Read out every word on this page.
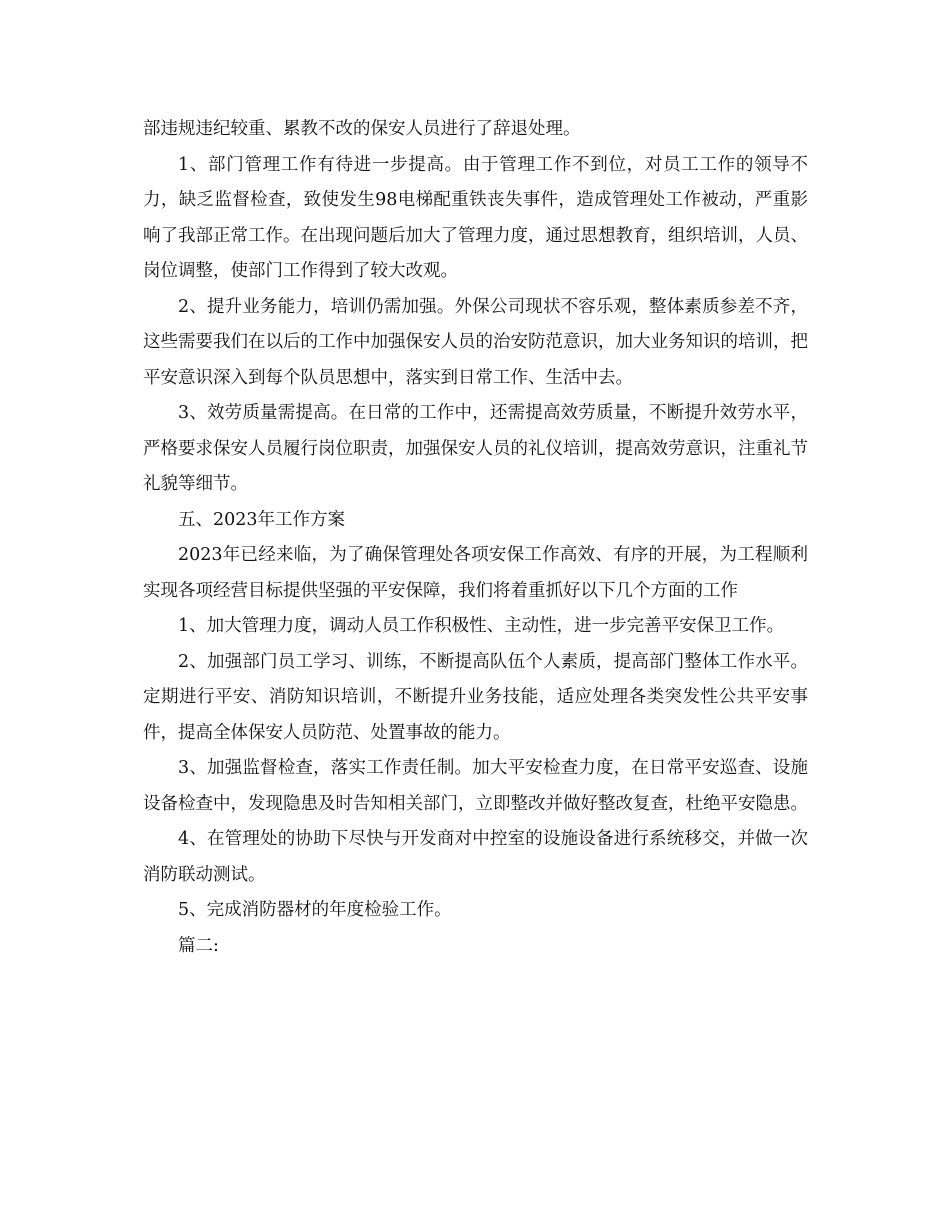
部违规违纪较重、累教不改的保安人员进行了辞退处理。

1、部门管理工作有待进一步提高。由于管理工作不到位，对员工工作的领导不力，缺乏监督检查，致使发生98电梯配重铁丧失事件，造成管理处工作被动，严重影响了我部正常工作。在出现问题后加大了管理力度，通过思想教育，组织培训，人员、岗位调整，使部门工作得到了较大改观。

2、提升业务能力，培训仍需加强。外保公司现状不容乐观，整体素质参差不齐，这些需要我们在以后的工作中加强保安人员的治安防范意识，加大业务知识的培训，把平安意识深入到每个队员思想中，落实到日常工作、生活中去。

3、效劳质量需提高。在日常的工作中，还需提高效劳质量，不断提升效劳水平，严格要求保安人员履行岗位职责，加强保安人员的礼仪培训，提高效劳意识，注重礼节礼貌等细节。

五、2023年工作方案

2023年已经来临，为了确保管理处各项安保工作高效、有序的开展，为工程顺利实现各项经营目标提供坚强的平安保障，我们将着重抓好以下几个方面的工作

1、加大管理力度，调动人员工作积极性、主动性，进一步完善平安保卫工作。

2、加强部门员工学习、训练，不断提高队伍个人素质，提高部门整体工作水平。定期进行平安、消防知识培训，不断提升业务技能，适应处理各类突发性公共平安事件，提高全体保安人员防范、处置事故的能力。

3、加强监督检查，落实工作责任制。加大平安检查力度，在日常平安巡查、设施设备检查中，发现隐患及时告知相关部门，立即整改并做好整改复查，杜绝平安隐患。

4、在管理处的协助下尽快与开发商对中控室的设施设备进行系统移交，并做一次消防联动测试。

5、完成消防器材的年度检验工作。

篇二:
